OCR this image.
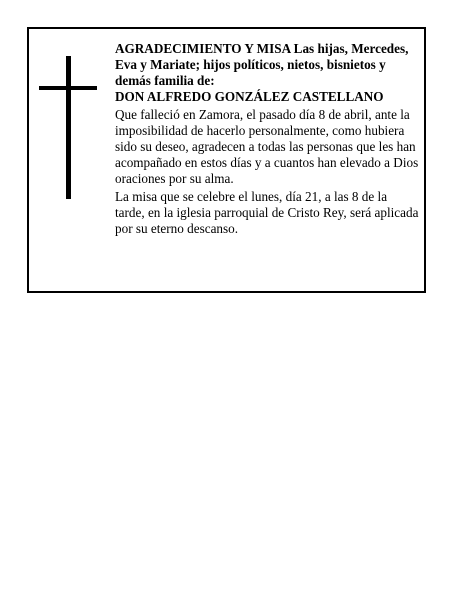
AGRADECIMIENTO Y MISA Las hijas, Mercedes, Eva y Mariate; hijos políticos, nietos, bisnietos y demás familia de:

DON ALFREDO GONZÁLEZ CASTELLANO

Que falleció en Zamora, el pasado día 8 de abril, ante la imposibilidad de hacerlo personalmente, como hubiera sido su deseo, agradecen a todas las personas que les han acompañado en estos días y a cuantos han elevado a Dios oraciones por su alma.

La misa que se celebre el lunes, día 21, a las 8 de la tarde, en la iglesia parroquial de Cristo Rey, será aplicada por su eterno descanso.
